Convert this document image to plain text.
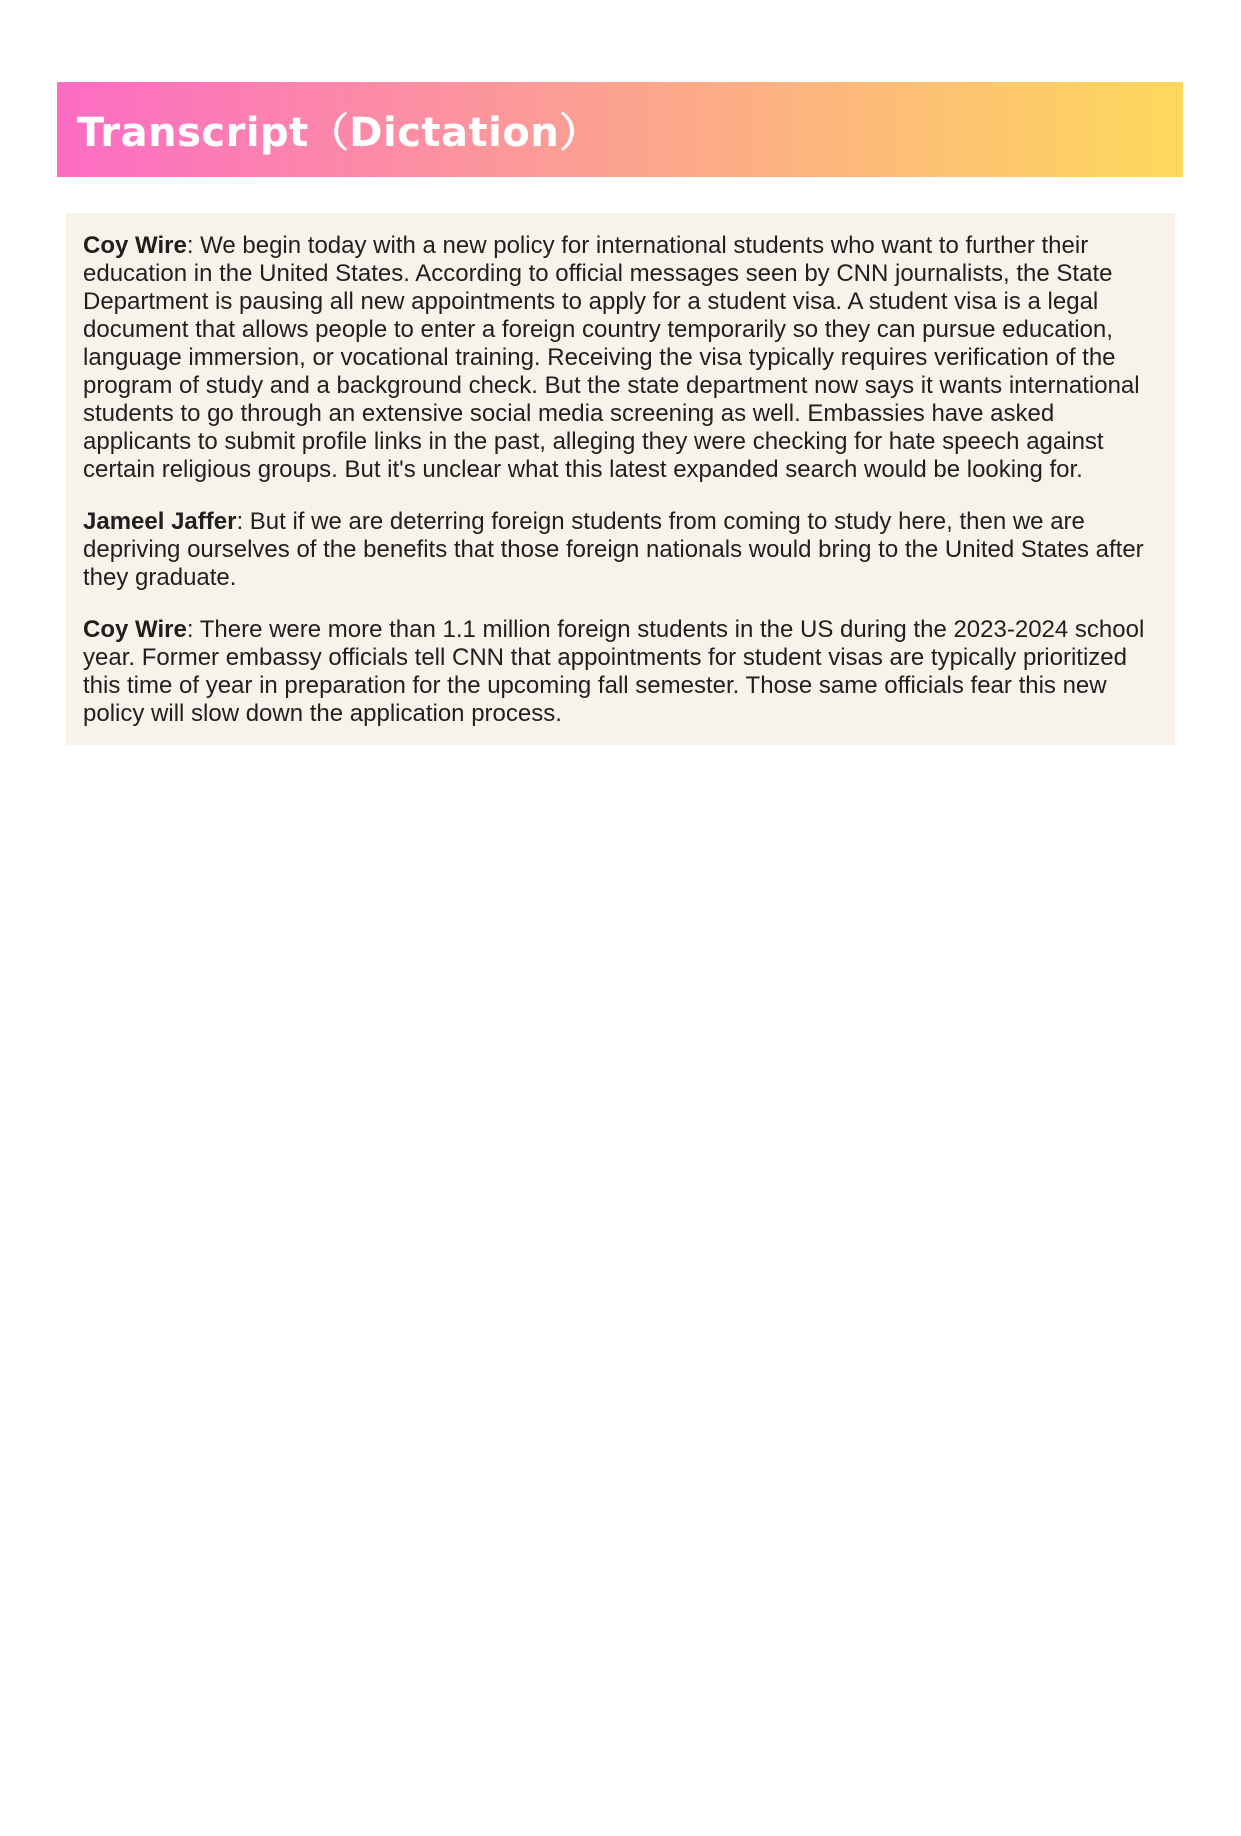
Transcript（Dictation）

Coy Wire: We begin today with a new policy for international students who want to further their education in the United States. According to official messages seen by CNN journalists, the State Department is pausing all new appointments to apply for a student visa. A student visa is a legal document that allows people to enter a foreign country temporarily so they can pursue education, language immersion, or vocational training. Receiving the visa typically requires verification of the program of study and a background check. But the state department now says it wants international students to go through an extensive social media screening as well. Embassies have asked applicants to submit profile links in the past, alleging they were checking for hate speech against certain religious groups. But it's unclear what this latest expanded search would be looking for.

Jameel Jaffer: But if we are deterring foreign students from coming to study here, then we are depriving ourselves of the benefits that those foreign nationals would bring to the United States after they graduate.

Coy Wire: There were more than 1.1 million foreign students in the US during the 2023-2024 school year. Former embassy officials tell CNN that appointments for student visas are typically prioritized this time of year in preparation for the upcoming fall semester. Those same officials fear this new policy will slow down the application process.
